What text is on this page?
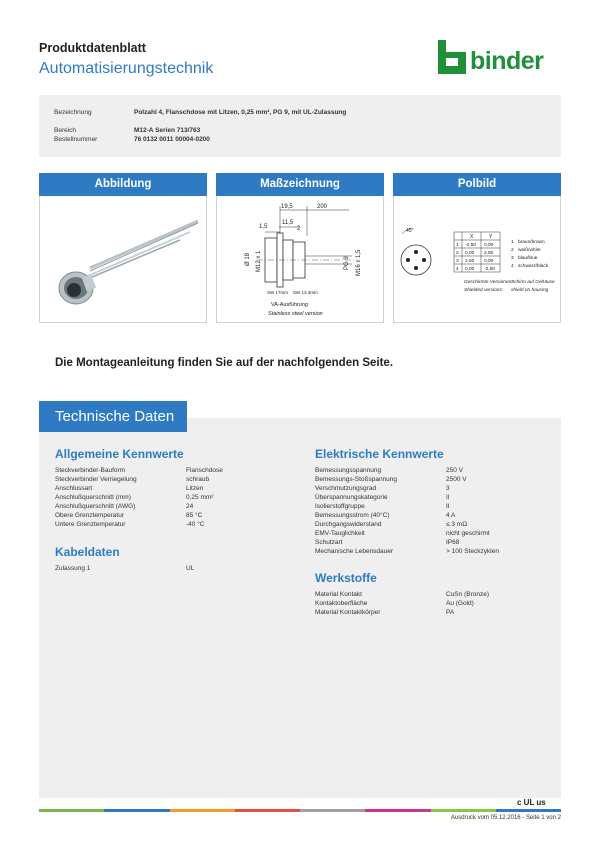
Produktdatenblatt
Automatisierungstechnik	binder
Bezeichnung	Polzahl 4, Flanschdose mit Litzen, 0,25 mm², PG 9, mit UL-Zulassung
Bereich	M12-A Serien 713/763
Bestellnummer	76 0132 0011 00004-0200
Abbildung	Maßzeichnung
19,5	200
11,5
1,5	2
Ø 18 M12 x 1	PG 9 M16 x 1,5
SW 17mm SW 13,4mm
VA-Ausführung
Stainless steel version
Polbild
45°
X	Y
1 -2,50 0,00
2 0,00 2,50
3 2,50 0,00
4 0,00 -2,50
1 braun/brown
2 weiß/white
3 blau/blue
4 schwarz/black
Geschirmte Versionen:
Schirm auf Gehäuse
Shielded versions: shield on housing
Die Montageanleitung finden Sie auf der nachfolgenden Seite.
Technische Daten
Allgemeine Kennwerte
Steckverbinder-Bauform	Flanschdose
Steckverbinder Verriegelung	schraub
Anschlussart	Litzen
Anschlußquerschnitt (mm)	0,25 mm²
Anschlußquerschnitt (AWG)	24
Obere Grenztemperatur	85 °C
Untere Grenztemperatur	-40 °C
Kabeldaten
Zulassung 1	UL
Elektrische Kennwerte
Bemessungsspannung	250 V
Bemessungs-Stoßspannung	2500 V
Verschmutzungsgrad	3
Überspannungskategorie	II
Isolierstoffgruppe	II
Bemessungsstrom (40°C)	4 A
Durchgangswiderstand	≤ 3 mΩ
EMV-Tauglichkeit	nicht geschirmt
Schutzart	IP68
Mechanische Lebensdauer	> 100 Steckzyklen
Werkstoffe
Material Kontakt	CuSn (Bronze)
Kontaktoberfläche	Au (Gold)
Material Kontaktkörper	PA
c UL us
Ausdruck vom 05.12.2016 - Seite 1 von 2
